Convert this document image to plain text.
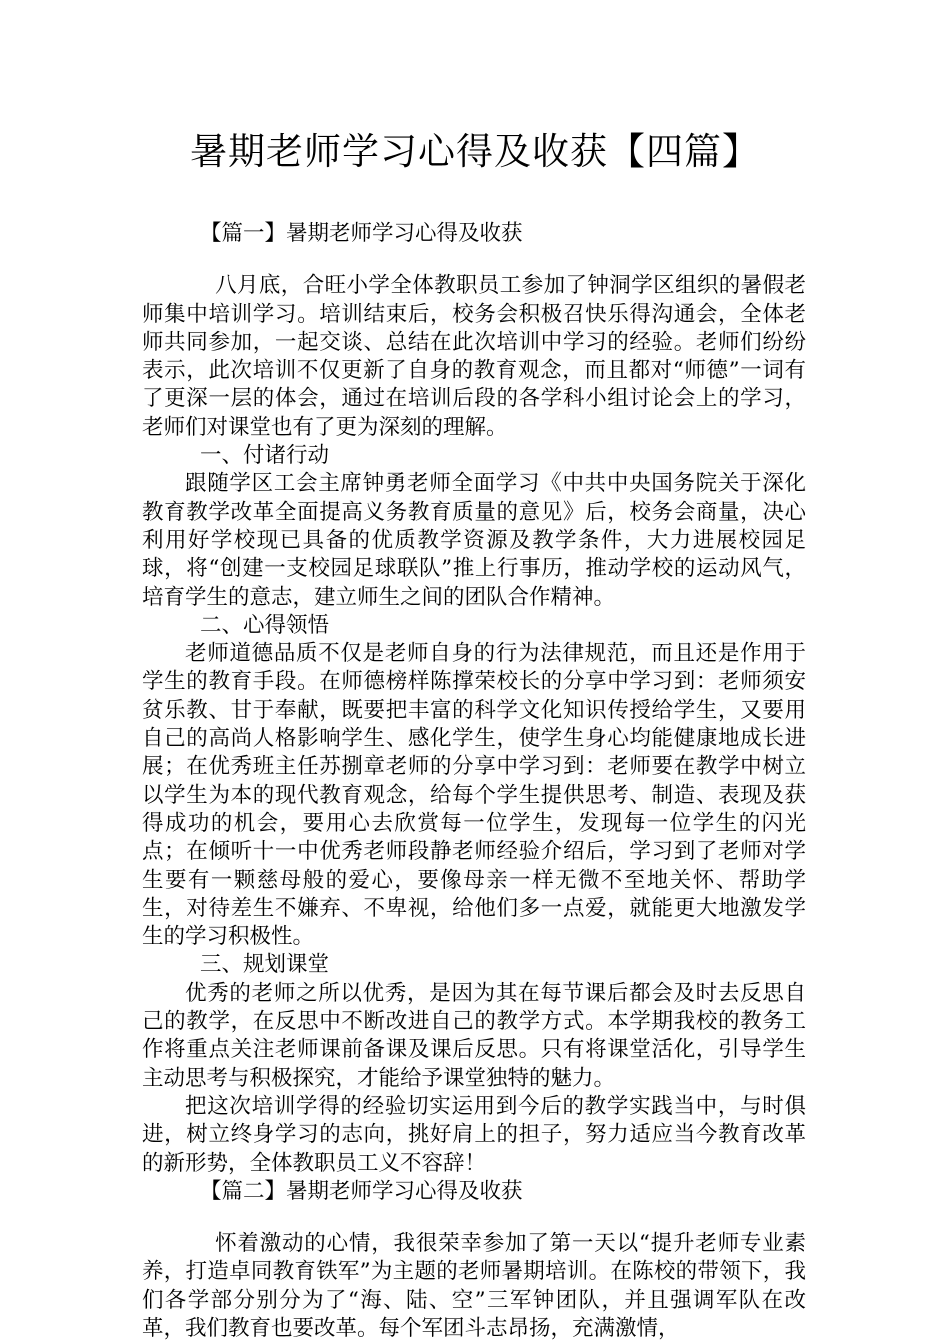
暑期老师学习心得及收获【四篇】

【篇一】暑期老师学习心得及收获

八月底，合旺小学全体教职员工参加了钟洞学区组织的暑假老师集中培训学习。培训结束后，校务会积极召快乐得沟通会，全体老师共同参加，一起交谈、总结在此次培训中学习的经验。老师们纷纷表示，此次培训不仅更新了自身的教育观念，而且都对“师德”一词有了更深一层的体会，通过在培训后段的各学科小组讨论会上的学习，老师们对课堂也有了更为深刻的理解。

一、付诸行动

跟随学区工会主席钟勇老师全面学习《中共中央国务院关于深化教育教学改革全面提高义务教育质量的意见》后，校务会商量，决心利用好学校现已具备的优质教学资源及教学条件，大力进展校园足球，将“创建一支校园足球联队”推上行事历，推动学校的运动风气，培育学生的意志，建立师生之间的团队合作精神。

二、心得领悟

老师道德品质不仅是老师自身的行为法律规范，而且还是作用于学生的教育手段。在师德榜样陈撑荣校长的分享中学习到：老师须安贫乐教、甘于奉献，既要把丰富的科学文化知识传授给学生，又要用自己的高尚人格影响学生、感化学生，使学生身心均能健康地成长进展；在优秀班主任苏捌章老师的分享中学习到：老师要在教学中树立以学生为本的现代教育观念，给每个学生提供思考、制造、表现及获得成功的机会，要用心去欣赏每一位学生，发现每一位学生的闪光点；在倾听十一中优秀老师段静老师经验介绍后，学习到了老师对学生要有一颗慈母般的爱心，要像母亲一样无微不至地关怀、帮助学生，对待差生不嫌弃、不卑视，给他们多一点爱，就能更大地激发学生的学习积极性。

三、规划课堂

优秀的老师之所以优秀，是因为其在每节课后都会及时去反思自己的教学，在反思中不断改进自己的教学方式。本学期我校的教务工作将重点关注老师课前备课及课后反思。只有将课堂活化，引导学生主动思考与积极探究，才能给予课堂独特的魅力。

把这次培训学得的经验切实运用到今后的教学实践当中，与时俱进，树立终身学习的志向，挑好肩上的担子，努力适应当今教育改革的新形势，全体教职员工义不容辞！

【篇二】暑期老师学习心得及收获

怀着激动的心情，我很荣幸参加了第一天以“提升老师专业素养，打造卓同教育铁军”为主题的老师暑期培训。在陈校的带领下，我们各学部分别分为了“海、陆、空”三军钟团队，并且强调军队在改革，我们教育也要改革。每个军团斗志昂扬，充满激情，
